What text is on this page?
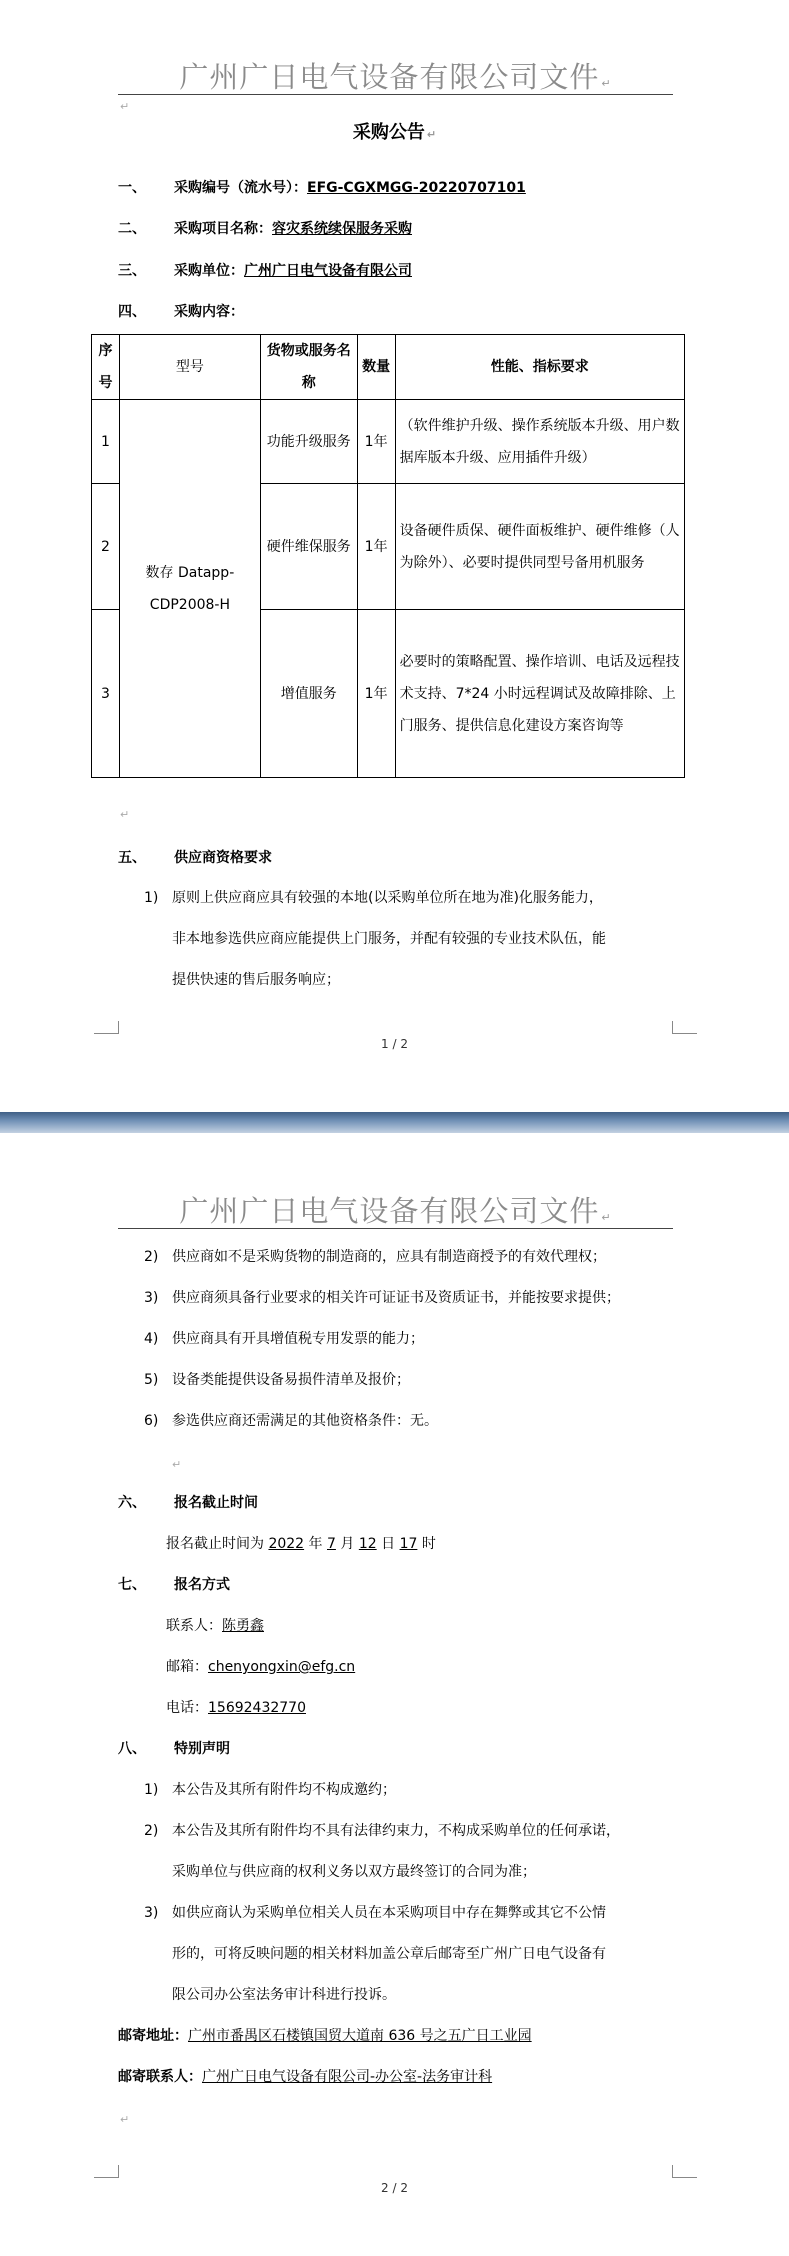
广州广日电气设备有限公司文件 ↵
↵
采购公告 ↵
一、 采购编号（流水号）：EFG-CGXMGG-20220707101
二、 采购项目名称：容灾系统续保服务采购
三、 采购单位：广州广日电气设备有限公司
四、 采购内容：
序号	型号	货物或服务名称	数量	性能、指标要求
1	数存 Datapp-CDP2008-H	功能升级服务	1年	（软件维护升级、操作系统版本升级、用户数据库版本升级、应用插件升级）
2		硬件维保服务	1年	设备硬件质保、硬件面板维护、硬件维修（人为除外）、必要时提供同型号备用机服务
3		增值服务	1年	必要时的策略配置、操作培训、电话及远程技术支持、7*24 小时远程调试及故障排除、上门服务、提供信息化建设方案咨询等
↵
五、 供应商资格要求
1) 原则上供应商应具有较强的本地(以采购单位所在地为准)化服务能力，
非本地参选供应商应能提供上门服务，并配有较强的专业技术队伍，能
提供快速的售后服务响应；
1 / 2
广州广日电气设备有限公司文件 ↵
2) 供应商如不是采购货物的制造商的，应具有制造商授予的有效代理权；
3) 供应商须具备行业要求的相关许可证证书及资质证书，并能按要求提供；
4) 供应商具有开具增值税专用发票的能力；
5) 设备类能提供设备易损件清单及报价；
6) 参选供应商还需满足的其他资格条件：无。
↵
六、 报名截止时间
报名截止时间为 2022 年 7 月 12 日 17 时
七、 报名方式
联系人：陈勇鑫
邮箱：chenyongxin@efg.cn
电话：15692432770
八、 特别声明
1) 本公告及其所有附件均不构成邀约；
2) 本公告及其所有附件均不具有法律约束力，不构成采购单位的任何承诺，
采购单位与供应商的权利义务以双方最终签订的合同为准；
3) 如供应商认为采购单位相关人员在本采购项目中存在舞弊或其它不公情
形的，可将反映问题的相关材料加盖公章后邮寄至广州广日电气设备有
限公司办公室法务审计科进行投诉。
邮寄地址：广州市番禺区石楼镇国贸大道南 636 号之五广日工业园
邮寄联系人：广州广日电气设备有限公司-办公室-法务审计科
↵
2 / 2
